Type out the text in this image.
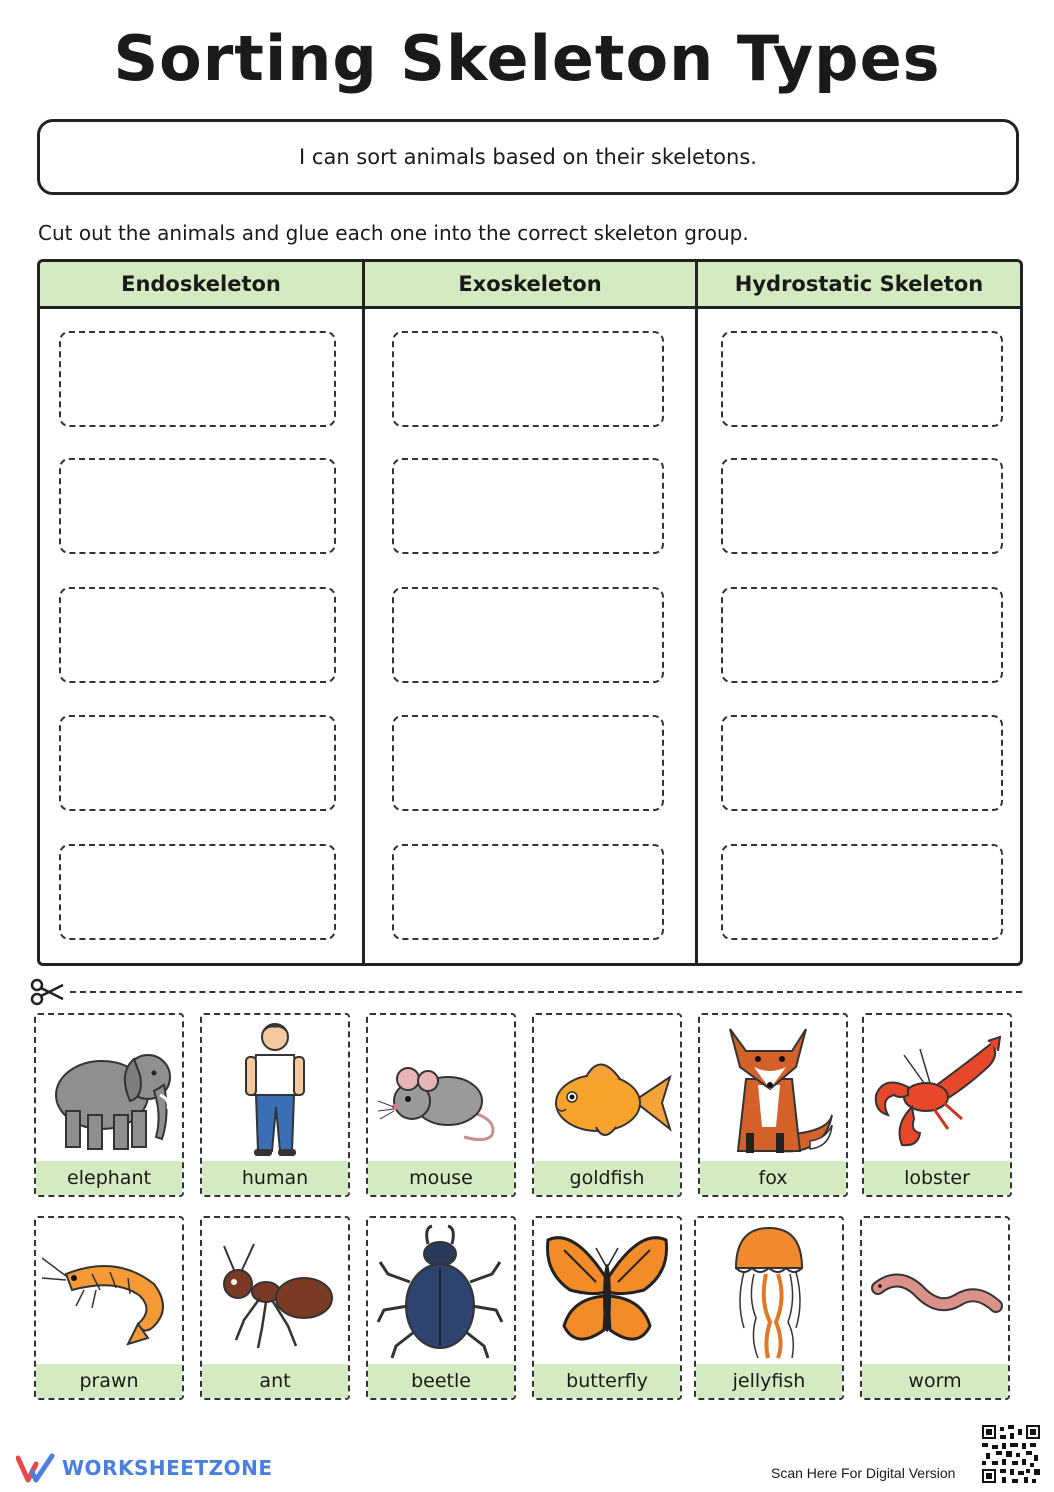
Sorting Skeleton Types
I can sort animals based on their skeletons.
Cut out the animals and glue each one into the correct skeleton group.
Endoskeleton	Exoskeleton	Hydrostatic Skeleton
elephant	human	mouse	goldfish	fox	lobster
prawn	ant	beetle	butterfly	jellyfish	worm
WORKSHEETZONE	Scan Here For Digital Version
